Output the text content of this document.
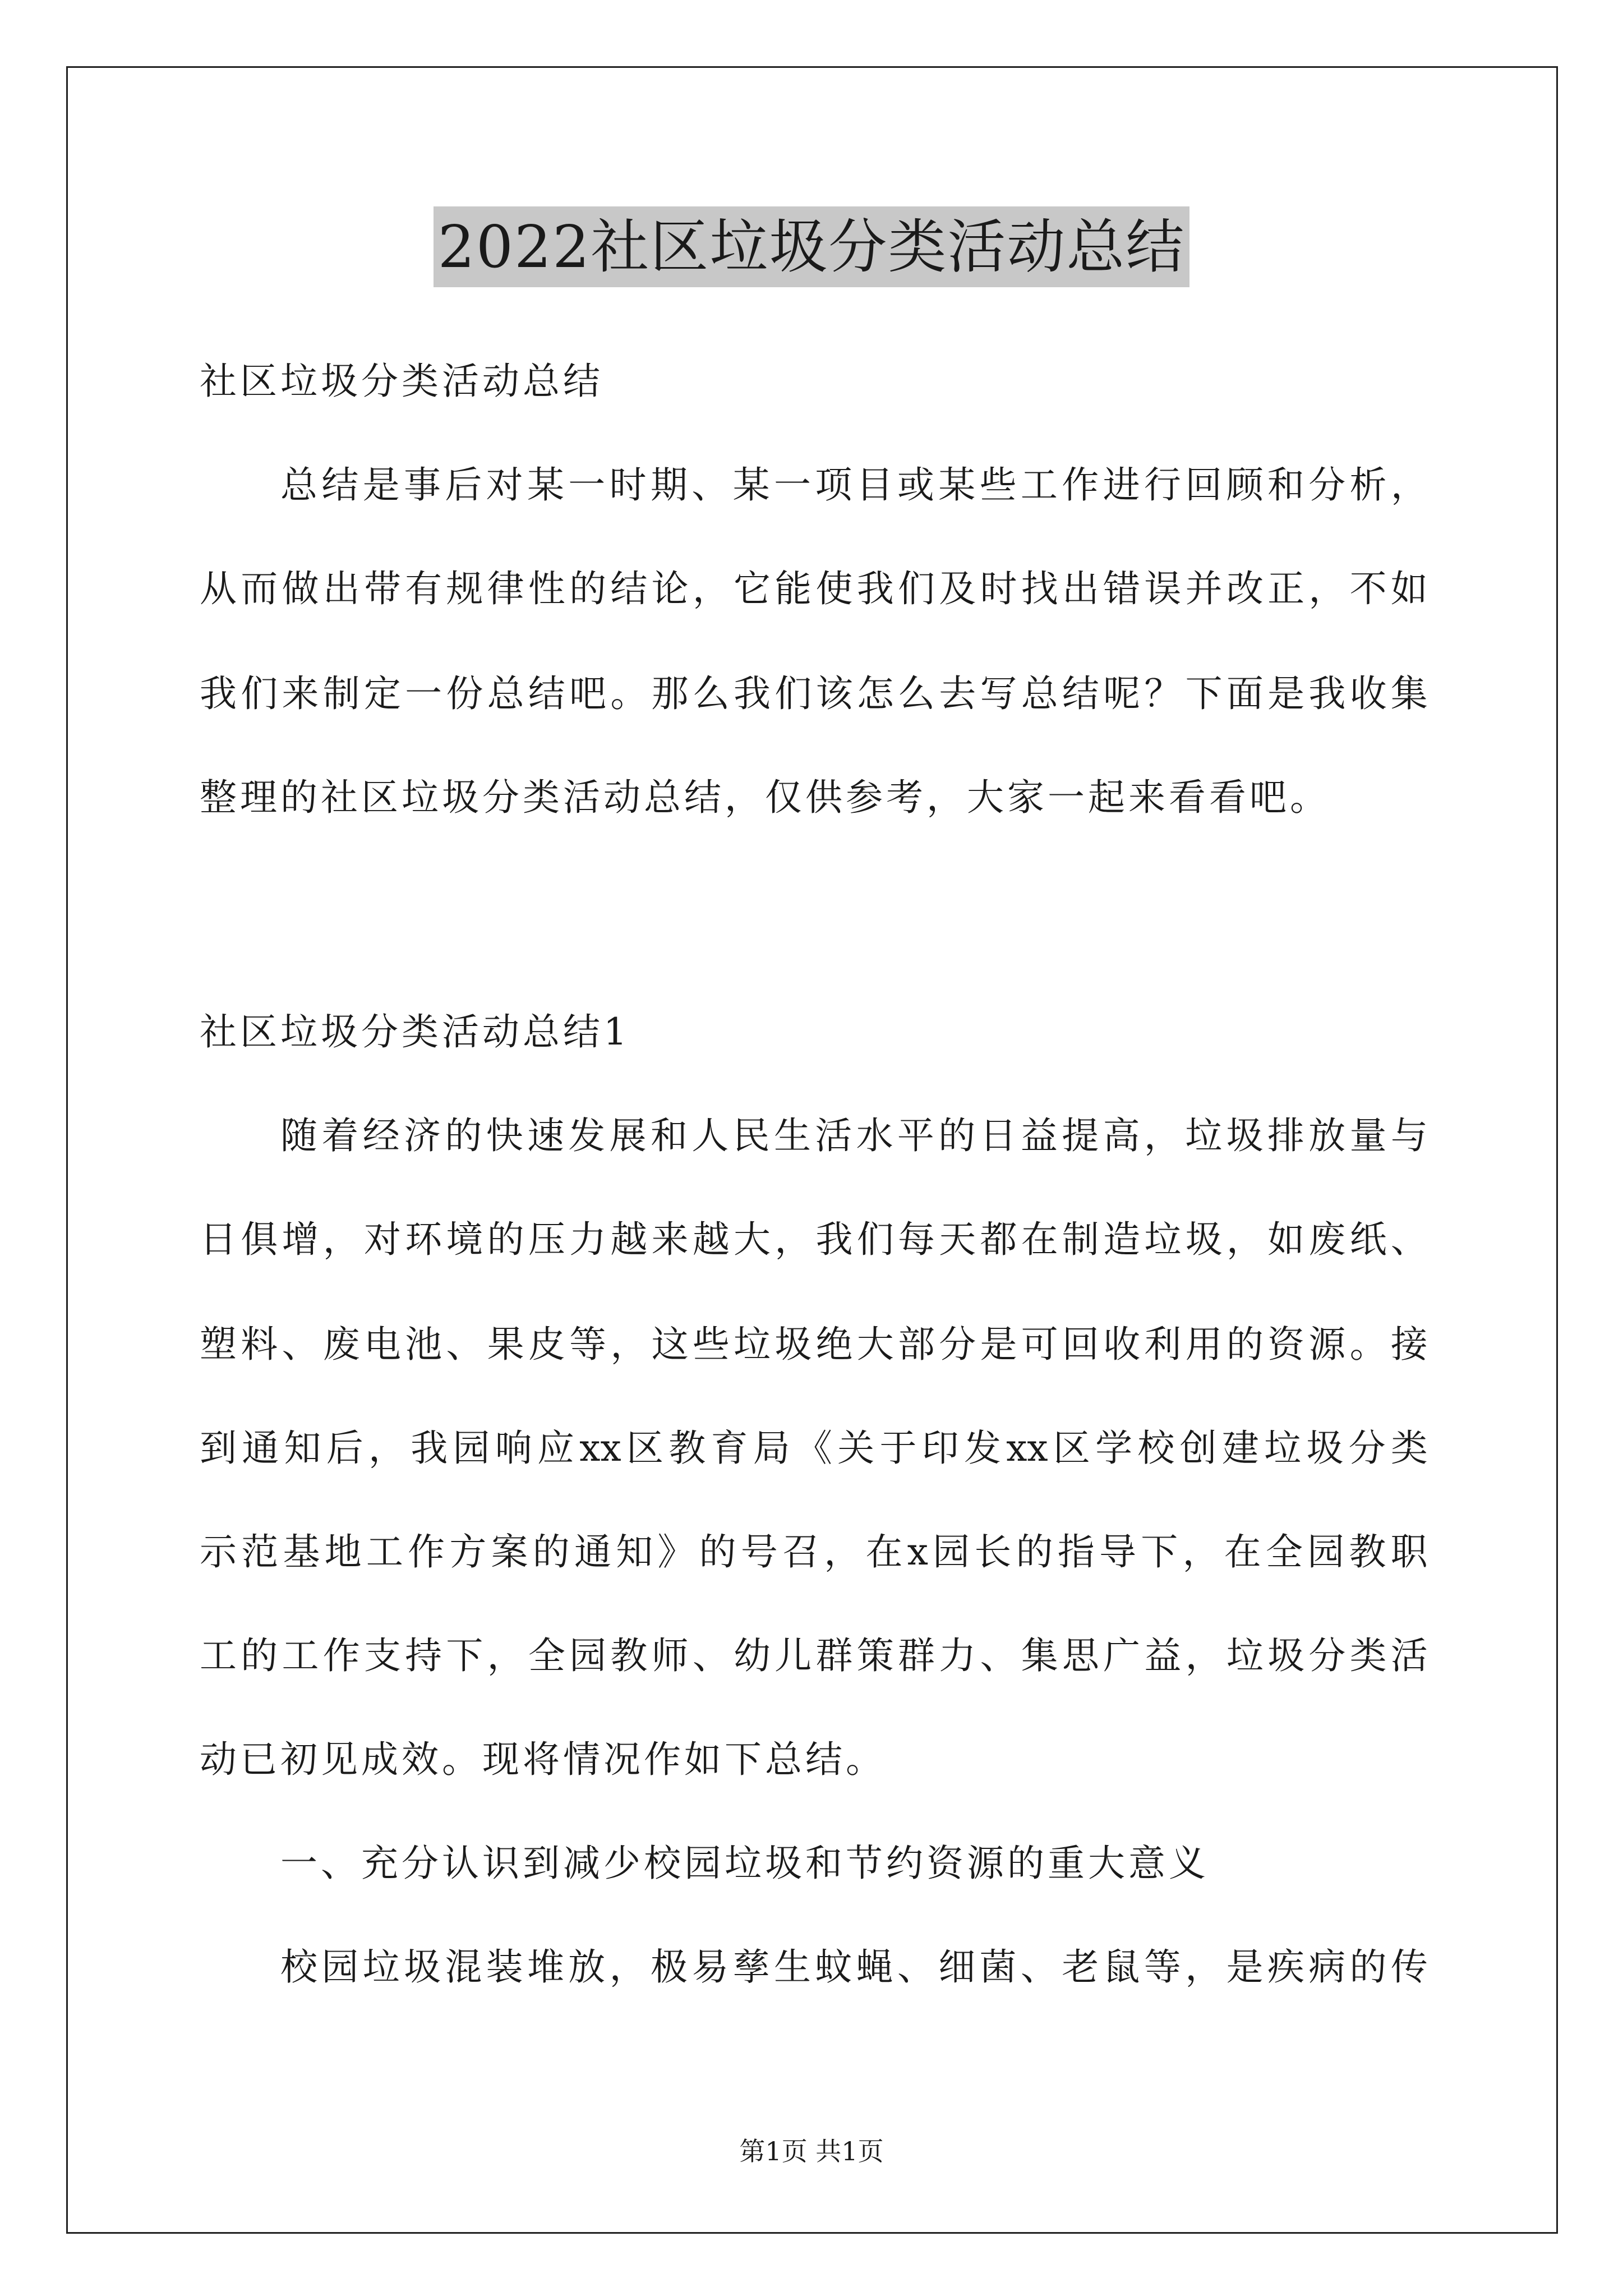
2022社区垃圾分类活动总结
社区垃圾分类活动总结
总 结 是 事 后 对 某 一 时 期 、 某 一 项 目 或 某 些 工 作 进 行 回 顾 和 分 析 ，
从 而 做 出 带 有 规 律 性 的 结 论 ， 它 能 使 我 们 及 时 找 出 错 误 并 改 正 ， 不 如
我 们 来 制 定 一 份 总 结 吧 。 那 么 我 们 该 怎 么 去 写 总 结 呢 ？ 下 面 是 我 收 集
整理的社区垃圾分类活动总结，仅供参考，大家一起来看看吧。
社区垃圾分类活动总结1
随 着 经 济 的 快 速 发 展 和 人 民 生 活 水 平 的 日 益 提 高 ， 垃 圾 排 放 量 与
日 俱 增 ， 对 环 境 的 压 力 越 来 越 大 ， 我 们 每 天 都 在 制 造 垃 圾 ， 如 废 纸 、
塑 料 、 废 电 池 、 果 皮 等 ， 这 些 垃 圾 绝 大 部 分 是 可 回 收 利 用 的 资 源 。 接
到 通 知 后 ， 我 园 响 应 xx 区 教 育 局 《 关 于 印 发 xx 区 学 校 创 建 垃 圾 分 类
示 范 基 地 工 作 方 案 的 通 知 》 的 号 召 ， 在 x 园 长 的 指 导 下 ， 在 全 园 教 职
工 的 工 作 支 持 下 ， 全 园 教 师 、 幼 儿 群 策 群 力 、 集 思 广 益 ， 垃 圾 分 类 活
动已初见成效。现将情况作如下总结。
一、充分认识到减少校园垃圾和节约资源的重大意义
校 园 垃 圾 混 装 堆 放 ， 极 易 孳 生 蚊 蝇 、 细 菌 、 老 鼠 等 ， 是 疾 病 的 传
第1页 共1页
